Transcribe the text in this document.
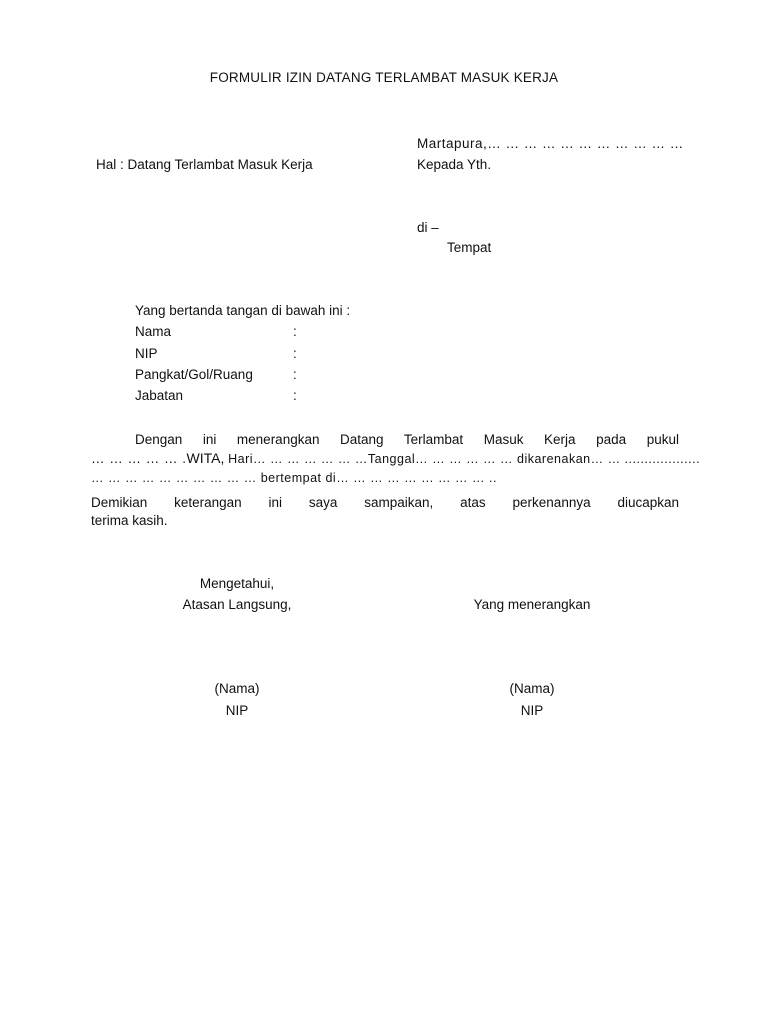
FORMULIR IZIN DATANG TERLAMBAT MASUK KERJA
Martapura,… … … … … … … … … … …
Hal : Datang Terlambat Masuk Kerja	Kepada Yth.
di –
Tempat
Yang bertanda tangan di bawah ini :
Nama	:
NIP	:
Pangkat/Gol/Ruang	:
Jabatan	:
Dengan ini menerangkan Datang Terlambat Masuk Kerja pada pukul
… … … … … .WITA, Hari… … … … … … …Tanggal… … … … … … dikarenakan… … ...................
… … … … … … … … … … bertempat di… … … … … … … … … ..
Demikian keterangan ini saya sampaikan, atas perkenannya diucapkan
terima kasih.
Mengetahui,
Atasan Langsung,	Yang menerangkan
(Nama)
NIP
(Nama)
NIP
